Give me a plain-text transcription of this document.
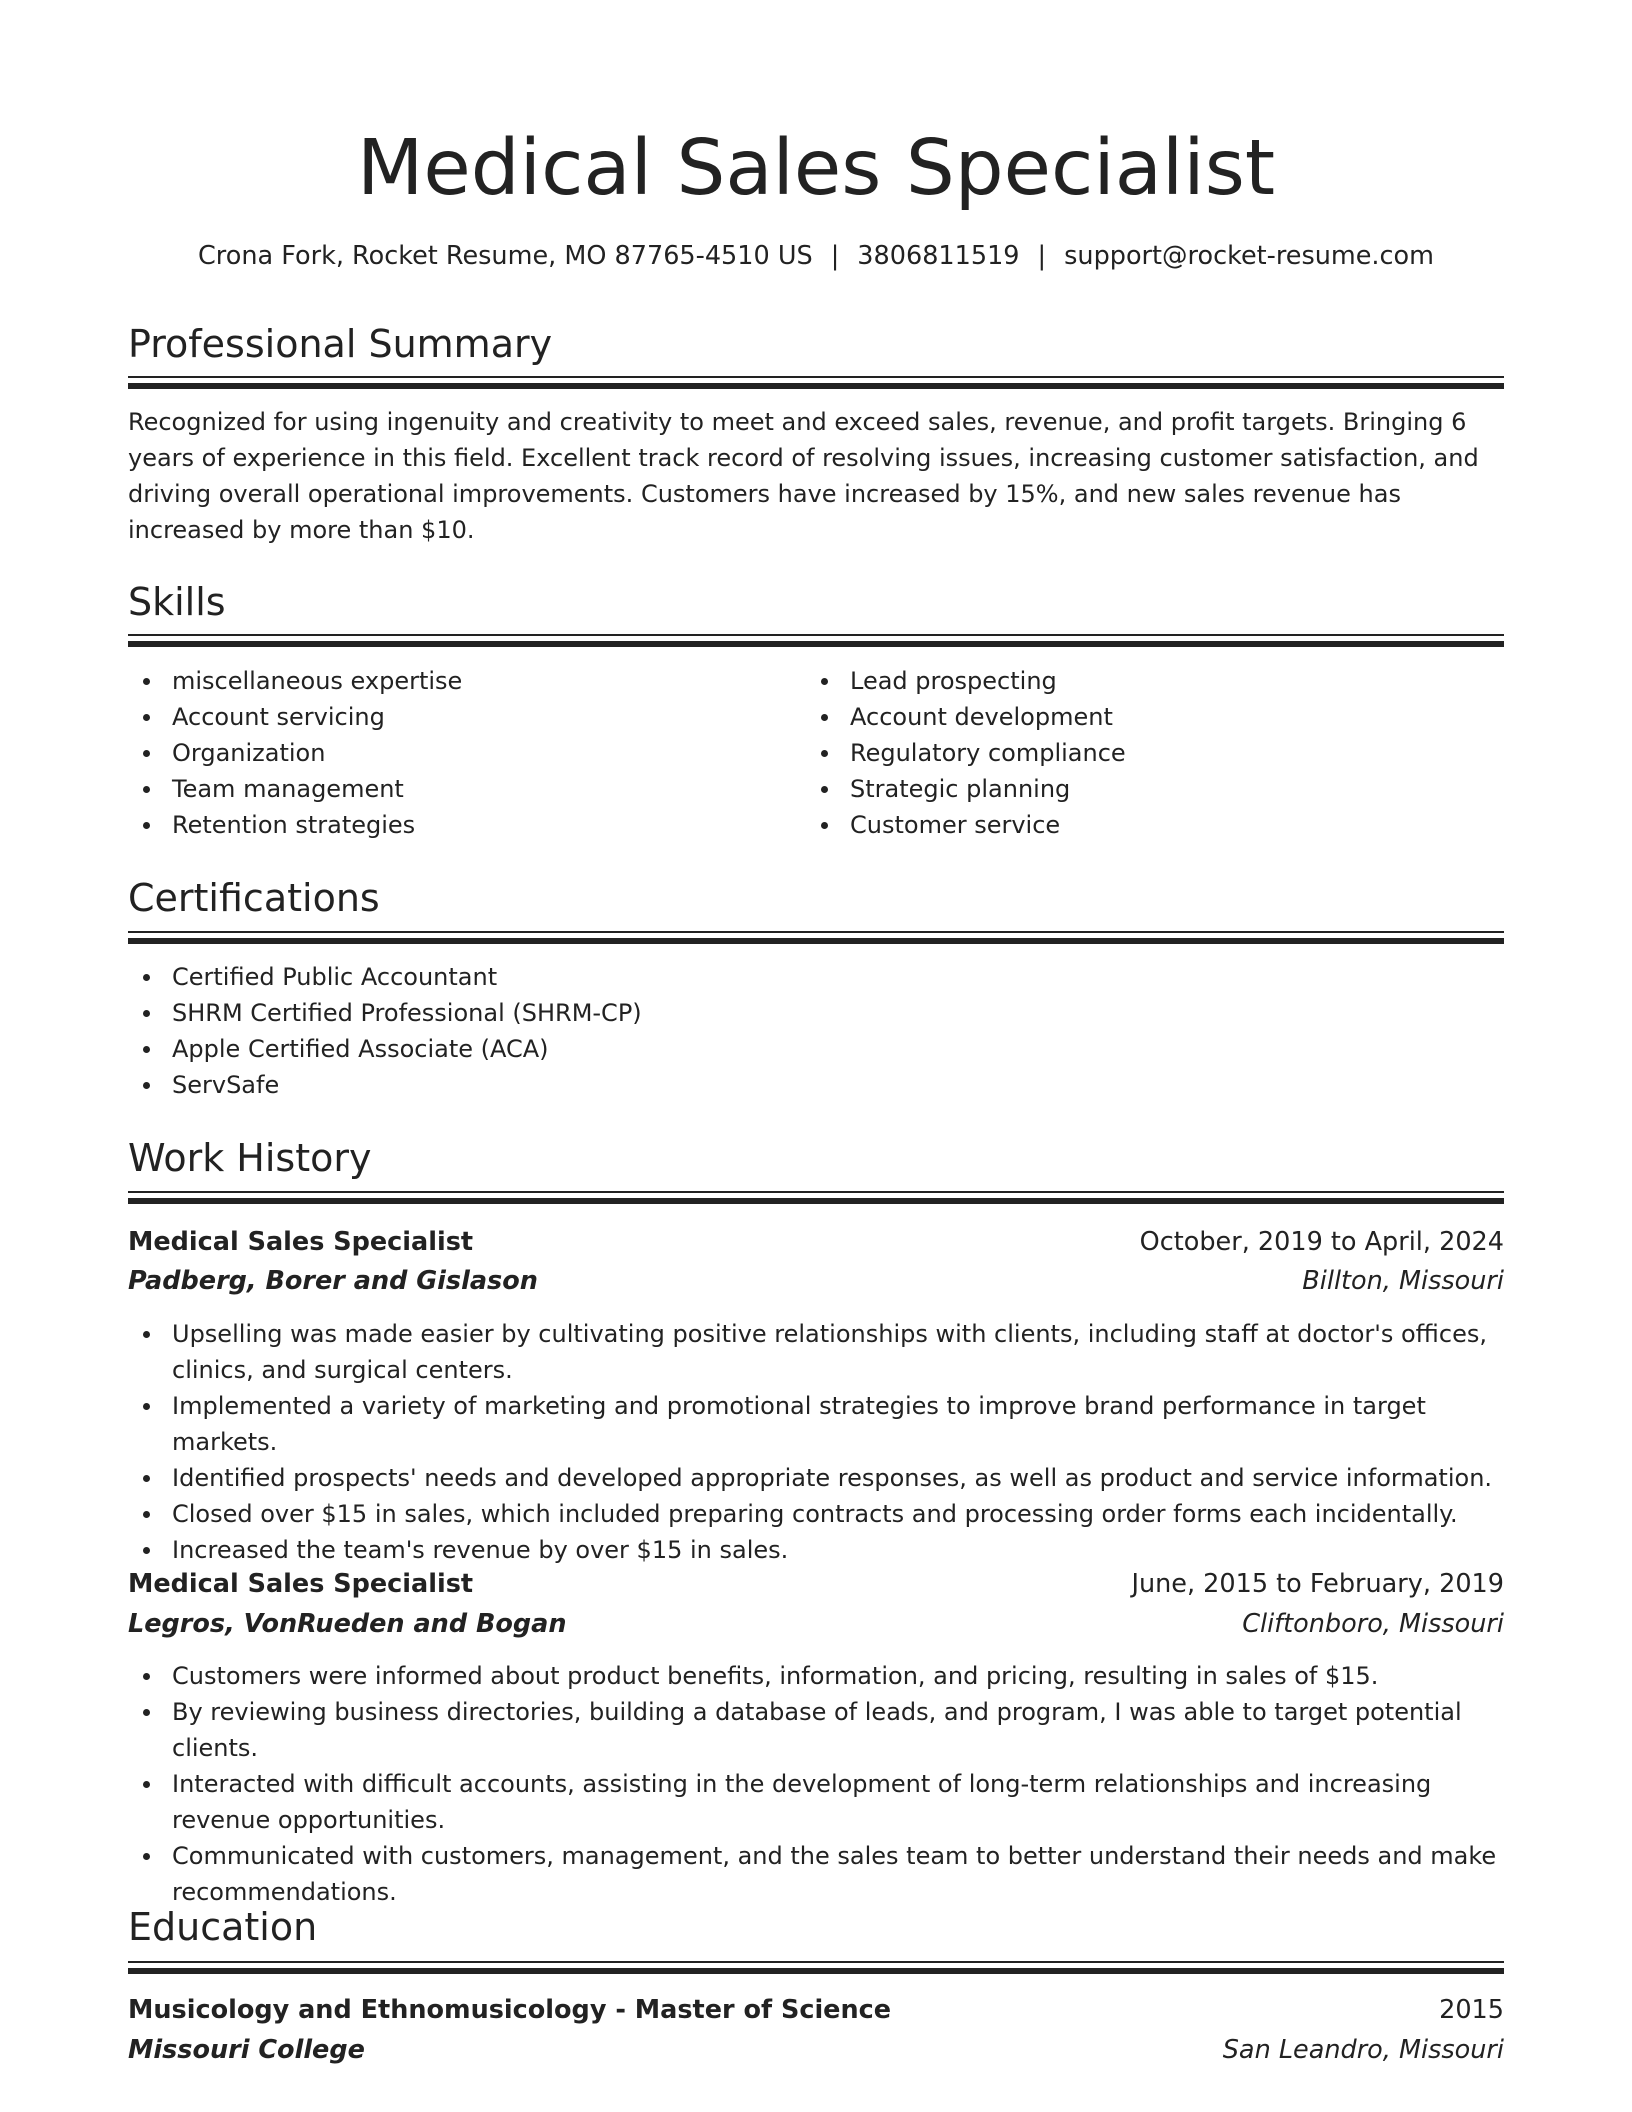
Medical Sales Specialist
Crona Fork, Rocket Resume, MO 87765-4510 US | 3806811519 | support@rocket-resume.com
Professional Summary

Recognized for using ingenuity and creativity to meet and exceed sales, revenue, and profit targets. Bringing 6 years of experience in this field. Excellent track record of resolving issues, increasing customer satisfaction, and driving overall operational improvements. Customers have increased by 15%, and new sales revenue has increased by more than $10.

Skills
miscellaneous expertise
Account servicing
Organization
Team management
Retention strategies
Lead prospecting
Account development
Regulatory compliance
Strategic planning
Customer service
Certifications
Certified Public Accountant
SHRM Certified Professional (SHRM-CP)
Apple Certified Associate (ACA)
ServSafe
Work History
Medical Sales Specialist	October, 2019 to April, 2024
Padberg, Borer and Gislason	Billton, Missouri
Upselling was made easier by cultivating positive relationships with clients, including staff at doctor's offices, clinics, and surgical centers.
Implemented a variety of marketing and promotional strategies to improve brand performance in target markets.
Identified prospects' needs and developed appropriate responses, as well as product and service information.
Closed over $15 in sales, which included preparing contracts and processing order forms each incidentally.
Increased the team's revenue by over $15 in sales.
Medical Sales Specialist	June, 2015 to February, 2019
Legros, VonRueden and Bogan	Cliftonboro, Missouri
Customers were informed about product benefits, information, and pricing, resulting in sales of $15.
By reviewing business directories, building a database of leads, and program, I was able to target potential clients.
Interacted with difficult accounts, assisting in the development of long-term relationships and increasing revenue opportunities.
Communicated with customers, management, and the sales team to better understand their needs and make recommendations.
Education
Musicology and Ethnomusicology - Master of Science	2015
Missouri College	San Leandro, Missouri
